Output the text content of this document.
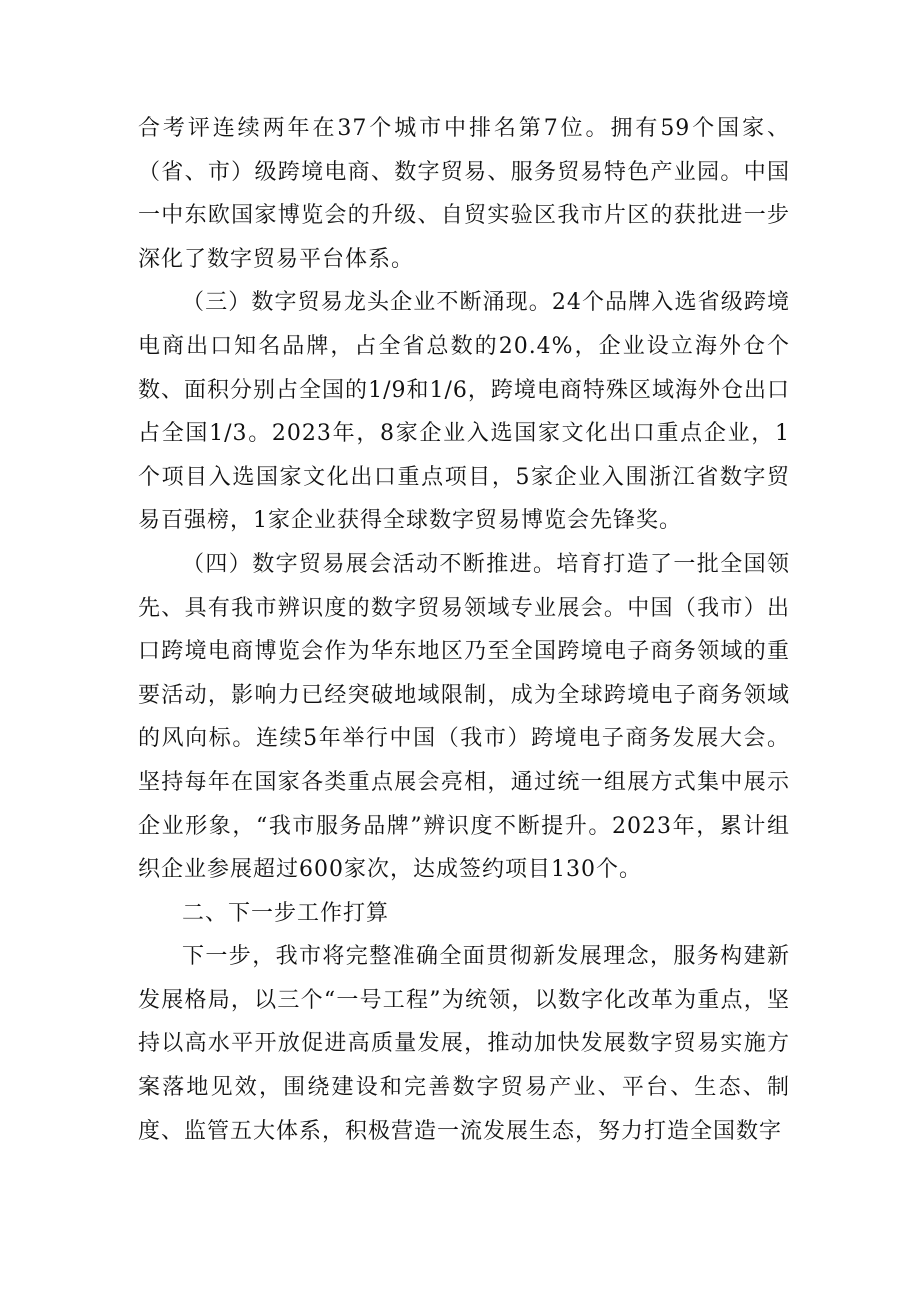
合考评连续两年在37个城市中排名第7位。拥有59个国家、（省、市）级跨境电商、数字贸易、服务贸易特色产业园。中国一中东欧国家博览会的升级、自贸实验区我市片区的获批进一步深化了数字贸易平台体系。

（三）数字贸易龙头企业不断涌现。24个品牌入选省级跨境电商出口知名品牌，占全省总数的20.4%，企业设立海外仓个数、面积分别占全国的1/9和1/6，跨境电商特殊区域海外仓出口占全国1/3。2023年，8家企业入选国家文化出口重点企业，1个项目入选国家文化出口重点项目，5家企业入围浙江省数字贸易百强榜，1家企业获得全球数字贸易博览会先锋奖。

（四）数字贸易展会活动不断推进。培育打造了一批全国领先、具有我市辨识度的数字贸易领域专业展会。中国（我市）出口跨境电商博览会作为华东地区乃至全国跨境电子商务领域的重要活动，影响力已经突破地域限制，成为全球跨境电子商务领域的风向标。连续5年举行中国（我市）跨境电子商务发展大会。坚持每年在国家各类重点展会亮相，通过统一组展方式集中展示企业形象，“我市服务品牌”辨识度不断提升。2023年，累计组织企业参展超过600家次，达成签约项目130个。

二、下一步工作打算

下一步，我市将完整准确全面贯彻新发展理念，服务构建新发展格局，以三个“一号工程”为统领，以数字化改革为重点，坚持以高水平开放促进高质量发展，推动加快发展数字贸易实施方案落地见效，围绕建设和完善数字贸易产业、平台、生态、制度、监管五大体系，积极营造一流发展生态，努力打造全国数字
